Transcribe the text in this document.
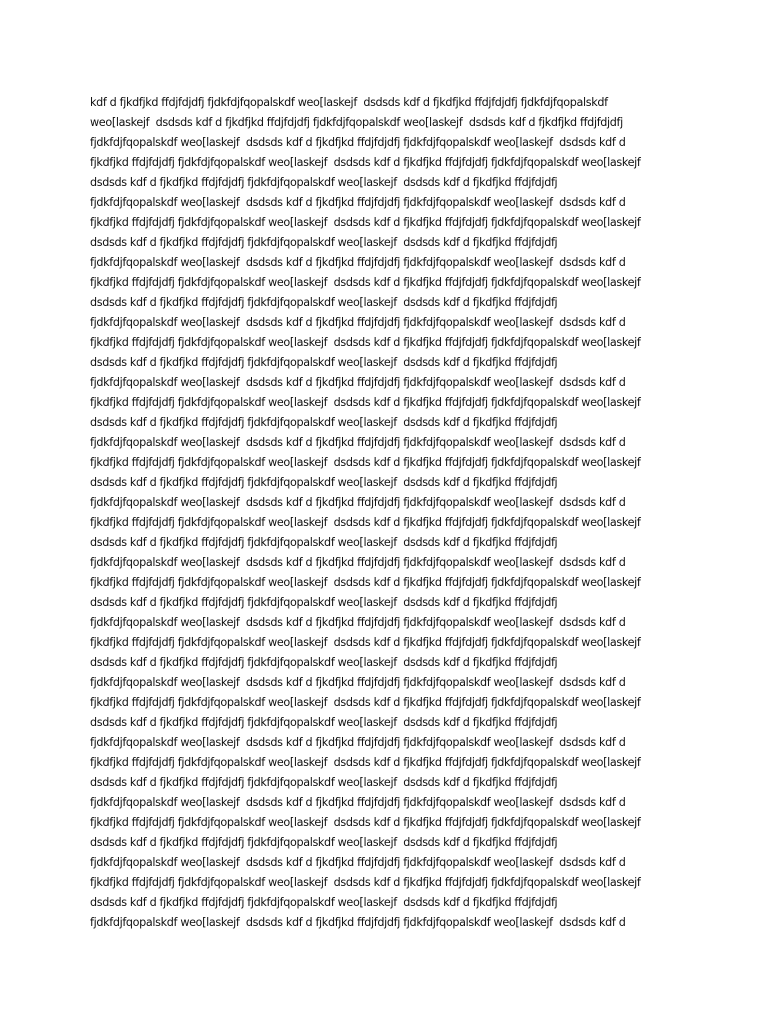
kdf d fjkdfjkd ffdjfdjdfj fjdkfdjfqopalskdf weo[laskejf  dsdsds kdf d fjkdfjkd ffdjfdjdfj fjdkfdjfqopalskdf
weo[laskejf  dsdsds kdf d fjkdfjkd ffdjfdjdfj fjdkfdjfqopalskdf weo[laskejf  dsdsds kdf d fjkdfjkd ffdjfdjdfj
fjdkfdjfqopalskdf weo[laskejf  dsdsds kdf d fjkdfjkd ffdjfdjdfj fjdkfdjfqopalskdf weo[laskejf  dsdsds kdf d
fjkdfjkd ffdjfdjdfj fjdkfdjfqopalskdf weo[laskejf  dsdsds kdf d fjkdfjkd ffdjfdjdfj fjdkfdjfqopalskdf weo[laskejf
dsdsds kdf d fjkdfjkd ffdjfdjdfj fjdkfdjfqopalskdf weo[laskejf  dsdsds kdf d fjkdfjkd ffdjfdjdfj
fjdkfdjfqopalskdf weo[laskejf  dsdsds kdf d fjkdfjkd ffdjfdjdfj fjdkfdjfqopalskdf weo[laskejf  dsdsds kdf d
fjkdfjkd ffdjfdjdfj fjdkfdjfqopalskdf weo[laskejf  dsdsds kdf d fjkdfjkd ffdjfdjdfj fjdkfdjfqopalskdf weo[laskejf
dsdsds kdf d fjkdfjkd ffdjfdjdfj fjdkfdjfqopalskdf weo[laskejf  dsdsds kdf d fjkdfjkd ffdjfdjdfj
fjdkfdjfqopalskdf weo[laskejf  dsdsds kdf d fjkdfjkd ffdjfdjdfj fjdkfdjfqopalskdf weo[laskejf  dsdsds kdf d
fjkdfjkd ffdjfdjdfj fjdkfdjfqopalskdf weo[laskejf  dsdsds kdf d fjkdfjkd ffdjfdjdfj fjdkfdjfqopalskdf weo[laskejf
dsdsds kdf d fjkdfjkd ffdjfdjdfj fjdkfdjfqopalskdf weo[laskejf  dsdsds kdf d fjkdfjkd ffdjfdjdfj
fjdkfdjfqopalskdf weo[laskejf  dsdsds kdf d fjkdfjkd ffdjfdjdfj fjdkfdjfqopalskdf weo[laskejf  dsdsds kdf d
fjkdfjkd ffdjfdjdfj fjdkfdjfqopalskdf weo[laskejf  dsdsds kdf d fjkdfjkd ffdjfdjdfj fjdkfdjfqopalskdf weo[laskejf
dsdsds kdf d fjkdfjkd ffdjfdjdfj fjdkfdjfqopalskdf weo[laskejf  dsdsds kdf d fjkdfjkd ffdjfdjdfj
fjdkfdjfqopalskdf weo[laskejf  dsdsds kdf d fjkdfjkd ffdjfdjdfj fjdkfdjfqopalskdf weo[laskejf  dsdsds kdf d
fjkdfjkd ffdjfdjdfj fjdkfdjfqopalskdf weo[laskejf  dsdsds kdf d fjkdfjkd ffdjfdjdfj fjdkfdjfqopalskdf weo[laskejf
dsdsds kdf d fjkdfjkd ffdjfdjdfj fjdkfdjfqopalskdf weo[laskejf  dsdsds kdf d fjkdfjkd ffdjfdjdfj
fjdkfdjfqopalskdf weo[laskejf  dsdsds kdf d fjkdfjkd ffdjfdjdfj fjdkfdjfqopalskdf weo[laskejf  dsdsds kdf d
fjkdfjkd ffdjfdjdfj fjdkfdjfqopalskdf weo[laskejf  dsdsds kdf d fjkdfjkd ffdjfdjdfj fjdkfdjfqopalskdf weo[laskejf
dsdsds kdf d fjkdfjkd ffdjfdjdfj fjdkfdjfqopalskdf weo[laskejf  dsdsds kdf d fjkdfjkd ffdjfdjdfj
fjdkfdjfqopalskdf weo[laskejf  dsdsds kdf d fjkdfjkd ffdjfdjdfj fjdkfdjfqopalskdf weo[laskejf  dsdsds kdf d
fjkdfjkd ffdjfdjdfj fjdkfdjfqopalskdf weo[laskejf  dsdsds kdf d fjkdfjkd ffdjfdjdfj fjdkfdjfqopalskdf weo[laskejf
dsdsds kdf d fjkdfjkd ffdjfdjdfj fjdkfdjfqopalskdf weo[laskejf  dsdsds kdf d fjkdfjkd ffdjfdjdfj
fjdkfdjfqopalskdf weo[laskejf  dsdsds kdf d fjkdfjkd ffdjfdjdfj fjdkfdjfqopalskdf weo[laskejf  dsdsds kdf d
fjkdfjkd ffdjfdjdfj fjdkfdjfqopalskdf weo[laskejf  dsdsds kdf d fjkdfjkd ffdjfdjdfj fjdkfdjfqopalskdf weo[laskejf
dsdsds kdf d fjkdfjkd ffdjfdjdfj fjdkfdjfqopalskdf weo[laskejf  dsdsds kdf d fjkdfjkd ffdjfdjdfj
fjdkfdjfqopalskdf weo[laskejf  dsdsds kdf d fjkdfjkd ffdjfdjdfj fjdkfdjfqopalskdf weo[laskejf  dsdsds kdf d
fjkdfjkd ffdjfdjdfj fjdkfdjfqopalskdf weo[laskejf  dsdsds kdf d fjkdfjkd ffdjfdjdfj fjdkfdjfqopalskdf weo[laskejf
dsdsds kdf d fjkdfjkd ffdjfdjdfj fjdkfdjfqopalskdf weo[laskejf  dsdsds kdf d fjkdfjkd ffdjfdjdfj
fjdkfdjfqopalskdf weo[laskejf  dsdsds kdf d fjkdfjkd ffdjfdjdfj fjdkfdjfqopalskdf weo[laskejf  dsdsds kdf d
fjkdfjkd ffdjfdjdfj fjdkfdjfqopalskdf weo[laskejf  dsdsds kdf d fjkdfjkd ffdjfdjdfj fjdkfdjfqopalskdf weo[laskejf
dsdsds kdf d fjkdfjkd ffdjfdjdfj fjdkfdjfqopalskdf weo[laskejf  dsdsds kdf d fjkdfjkd ffdjfdjdfj
fjdkfdjfqopalskdf weo[laskejf  dsdsds kdf d fjkdfjkd ffdjfdjdfj fjdkfdjfqopalskdf weo[laskejf  dsdsds kdf d
fjkdfjkd ffdjfdjdfj fjdkfdjfqopalskdf weo[laskejf  dsdsds kdf d fjkdfjkd ffdjfdjdfj fjdkfdjfqopalskdf weo[laskejf
dsdsds kdf d fjkdfjkd ffdjfdjdfj fjdkfdjfqopalskdf weo[laskejf  dsdsds kdf d fjkdfjkd ffdjfdjdfj
fjdkfdjfqopalskdf weo[laskejf  dsdsds kdf d fjkdfjkd ffdjfdjdfj fjdkfdjfqopalskdf weo[laskejf  dsdsds kdf d
fjkdfjkd ffdjfdjdfj fjdkfdjfqopalskdf weo[laskejf  dsdsds kdf d fjkdfjkd ffdjfdjdfj fjdkfdjfqopalskdf weo[laskejf
dsdsds kdf d fjkdfjkd ffdjfdjdfj fjdkfdjfqopalskdf weo[laskejf  dsdsds kdf d fjkdfjkd ffdjfdjdfj
fjdkfdjfqopalskdf weo[laskejf  dsdsds kdf d fjkdfjkd ffdjfdjdfj fjdkfdjfqopalskdf weo[laskejf  dsdsds kdf d
fjkdfjkd ffdjfdjdfj fjdkfdjfqopalskdf weo[laskejf  dsdsds kdf d fjkdfjkd ffdjfdjdfj fjdkfdjfqopalskdf weo[laskejf
dsdsds kdf d fjkdfjkd ffdjfdjdfj fjdkfdjfqopalskdf weo[laskejf  dsdsds kdf d fjkdfjkd ffdjfdjdfj
fjdkfdjfqopalskdf weo[laskejf  dsdsds kdf d fjkdfjkd ffdjfdjdfj fjdkfdjfqopalskdf weo[laskejf  dsdsds kdf d
